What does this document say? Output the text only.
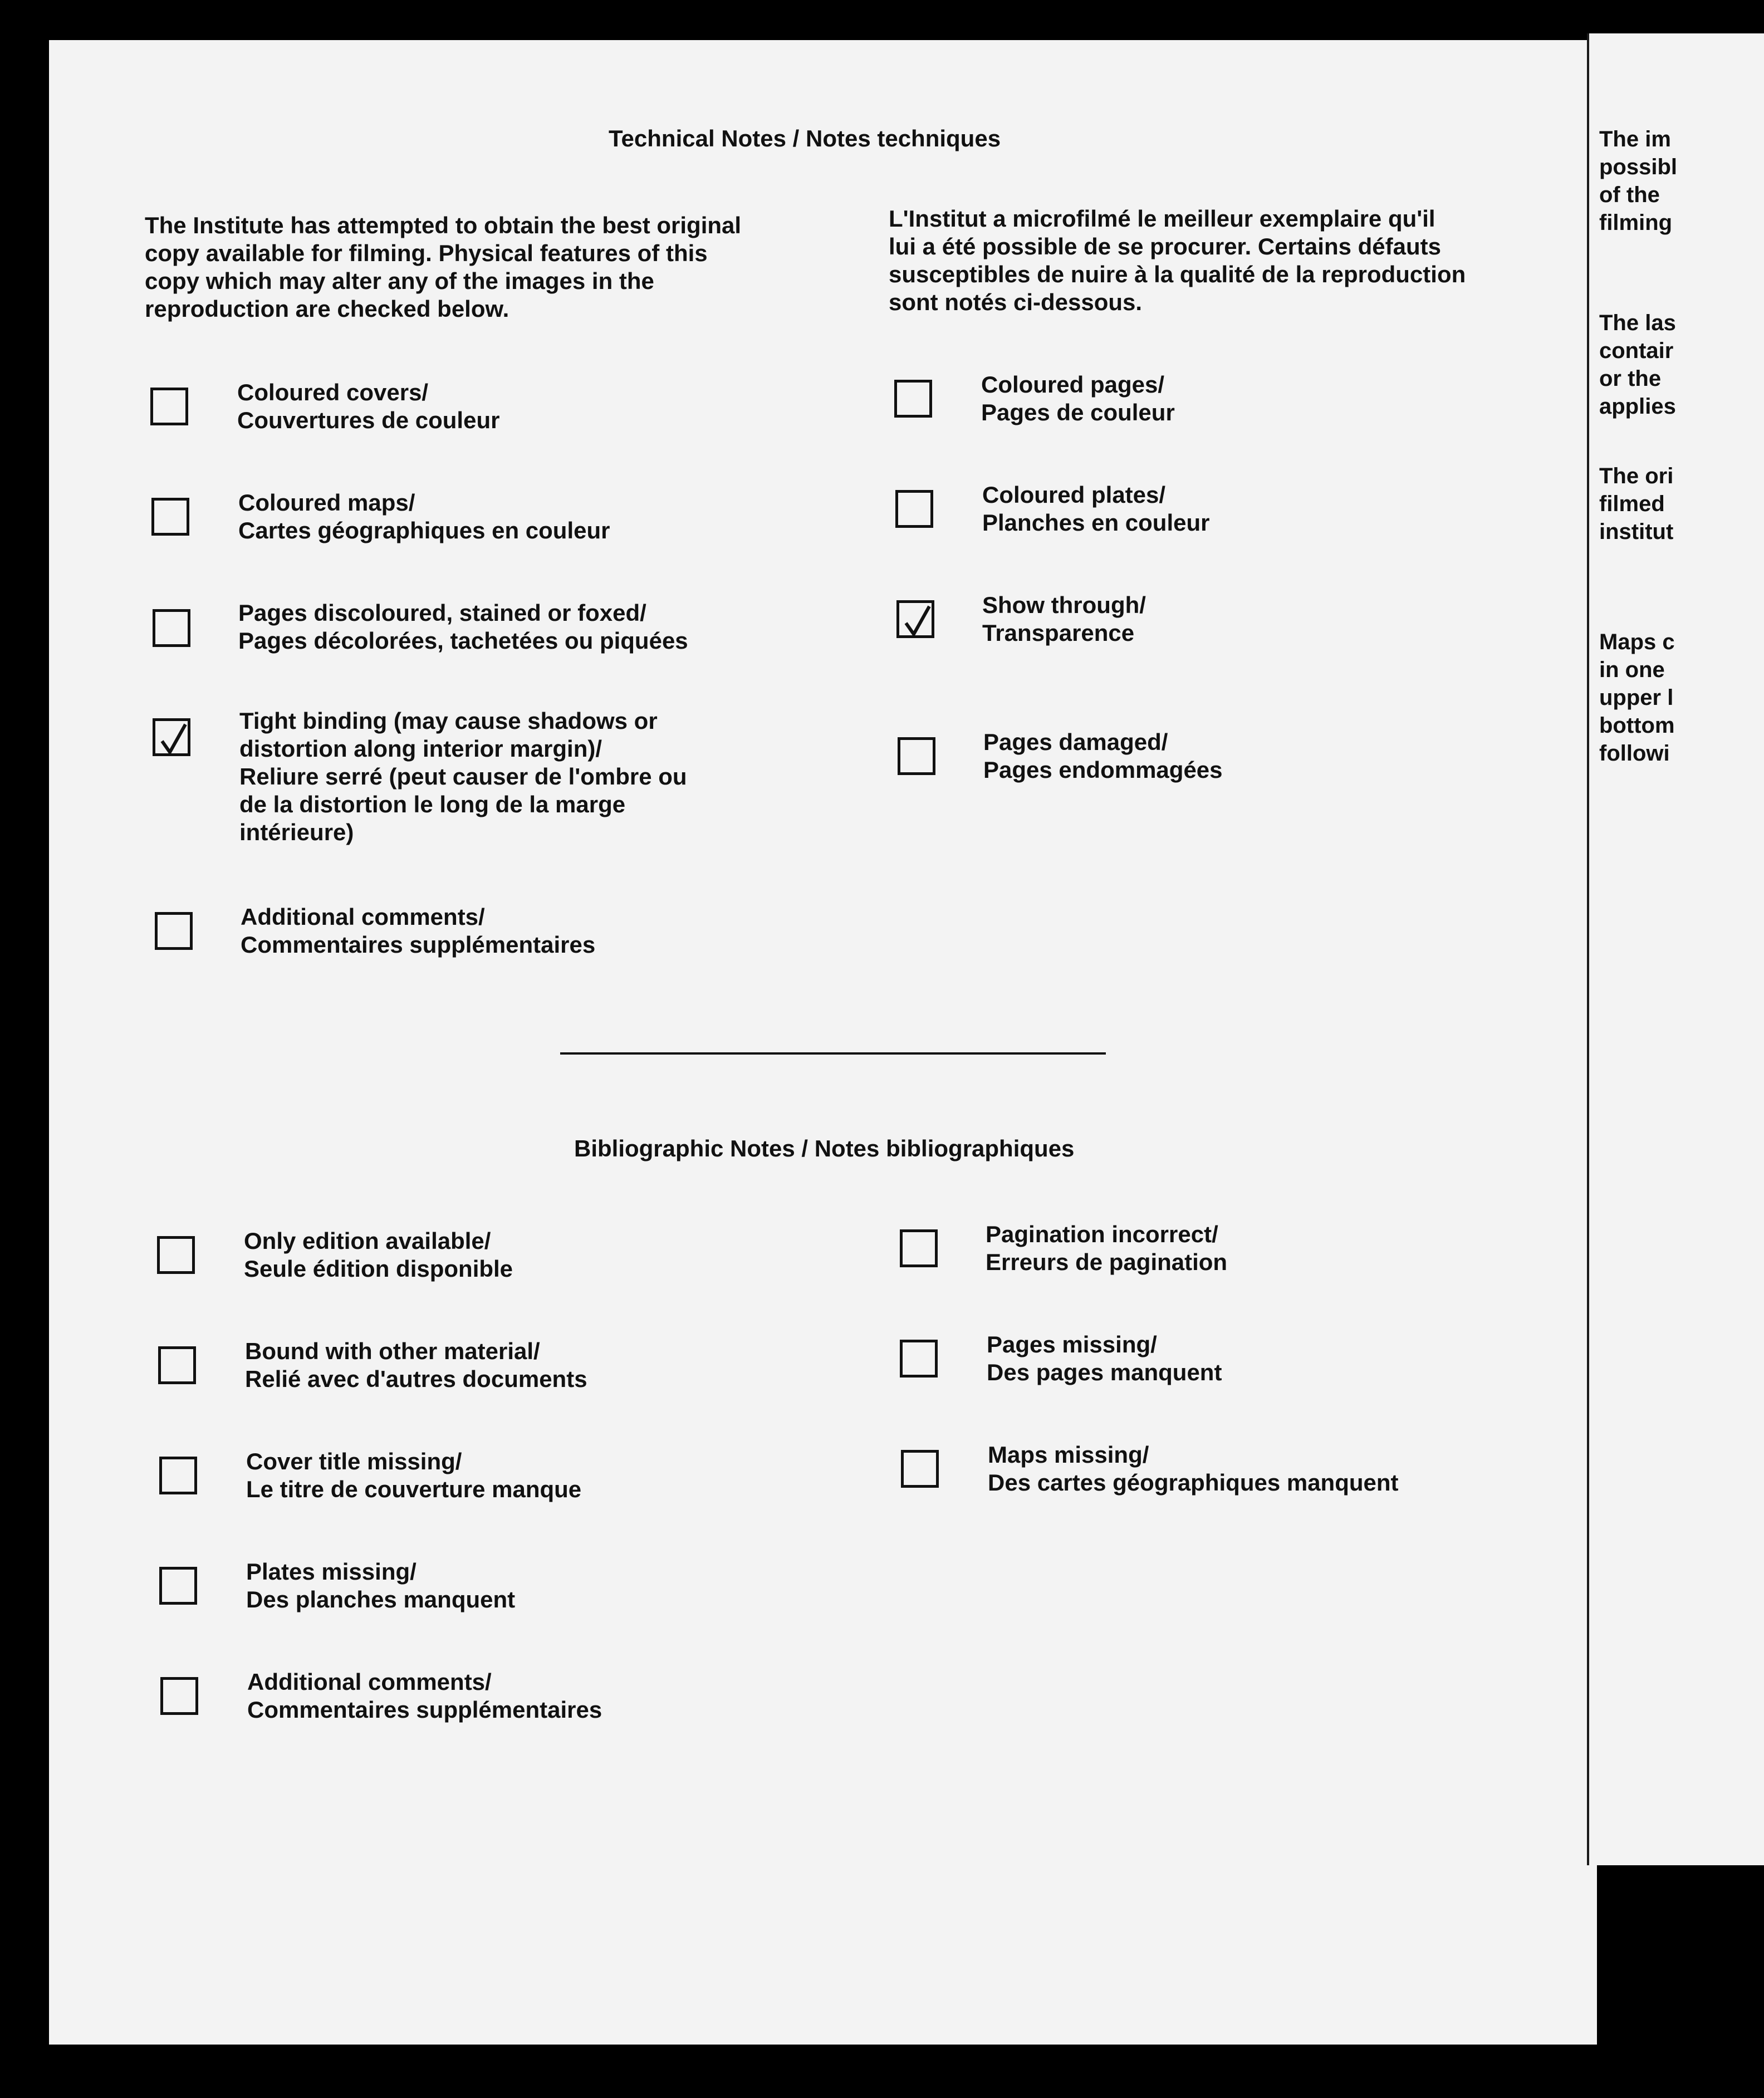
Technical Notes / Notes techniques

The Institute has attempted to obtain the best original copy available for filming. Physical features of this copy which may alter any of the images in the reproduction are checked below.

L'Institut a microfilmé le meilleur exemplaire qu'il lui a été possible de se procurer. Certains défauts susceptibles de nuire à la qualité de la reproduction sont notés ci-dessous.

Coloured covers/
Couvertures de couleur
Coloured maps/
Cartes géographiques en couleur
Pages discoloured, stained or foxed/
Pages décolorées, tachetées ou piquées
Tight binding (may cause shadows or
distortion along interior margin)/
Reliure serré (peut causer de l'ombre ou
de la distortion le long de la marge
intérieure)
Additional comments/
Commentaires supplémentaires
Coloured pages/
Pages de couleur
Coloured plates/
Planches en couleur
Show through/
Transparence
Pages damaged/
Pages endommagées
Bibliographic Notes / Notes bibliographiques
Only edition available/
Seule édition disponible
Bound with other material/
Relié avec d'autres documents
Cover title missing/
Le titre de couverture manque
Plates missing/
Des planches manquent
Additional comments/
Commentaires supplémentaires
Pagination incorrect/
Erreurs de pagination
Pages missing/
Des pages manquent
Maps missing/
Des cartes géographiques manquent
The im
possibl
of the
filming
The las
contair
or the
applies
The ori
filmed
institut
Maps c
in one
upper l
bottom
followi
